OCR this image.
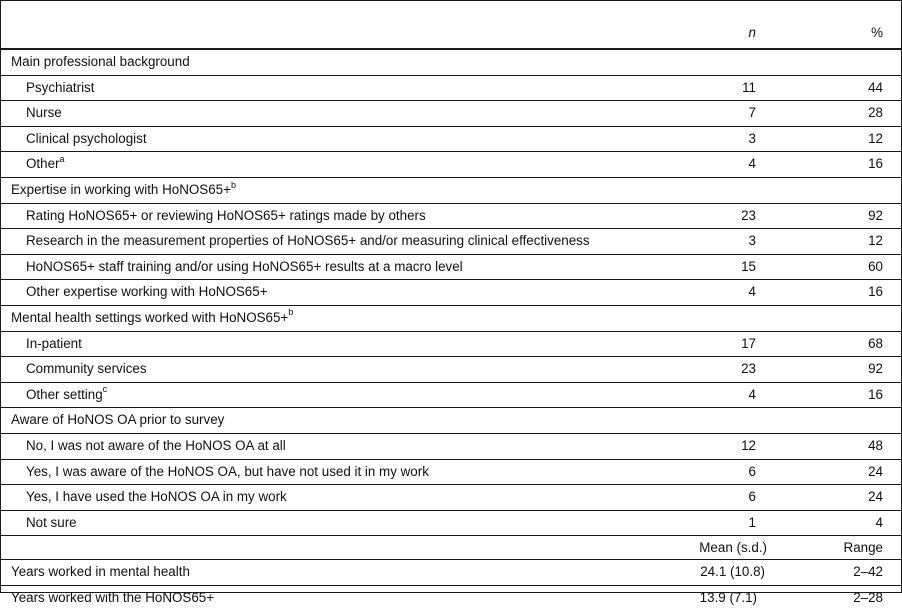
	n	%
Main professional background		
Psychiatrist	11	44
Nurse	7	28
Clinical psychologist	3	12
Other$^a$	4	16
Expertise in working with HoNOS65+$^b$
Rating HoNOS65+ or reviewing HoNOS65+ ratings made by others	23	92
Research in the measurement properties of HoNOS65+ and/or measuring clinical effectiveness	3	12
HoNOS65+ staff training and/or using HoNOS65+ results at a macro level	15	60
Other expertise working with HoNOS65+	4	16
Mental health settings worked with HoNOS65+$^b$
In-patient	17	68
Community services	23	92
Other setting$^c$	4	16
Aware of HoNOS OA prior to survey		
No, I was not aware of the HoNOS OA at all	12	48
Yes, I was aware of the HoNOS OA, but have not used it in my work	6	24
Yes, I have used the HoNOS OA in my work	6	24
Not sure	1	4
	Mean (s.d.)	Range
Years worked in mental health	24.1 (10.8)	2–42
Years worked with the HoNOS65+	13.9 (7.1)	2–28
